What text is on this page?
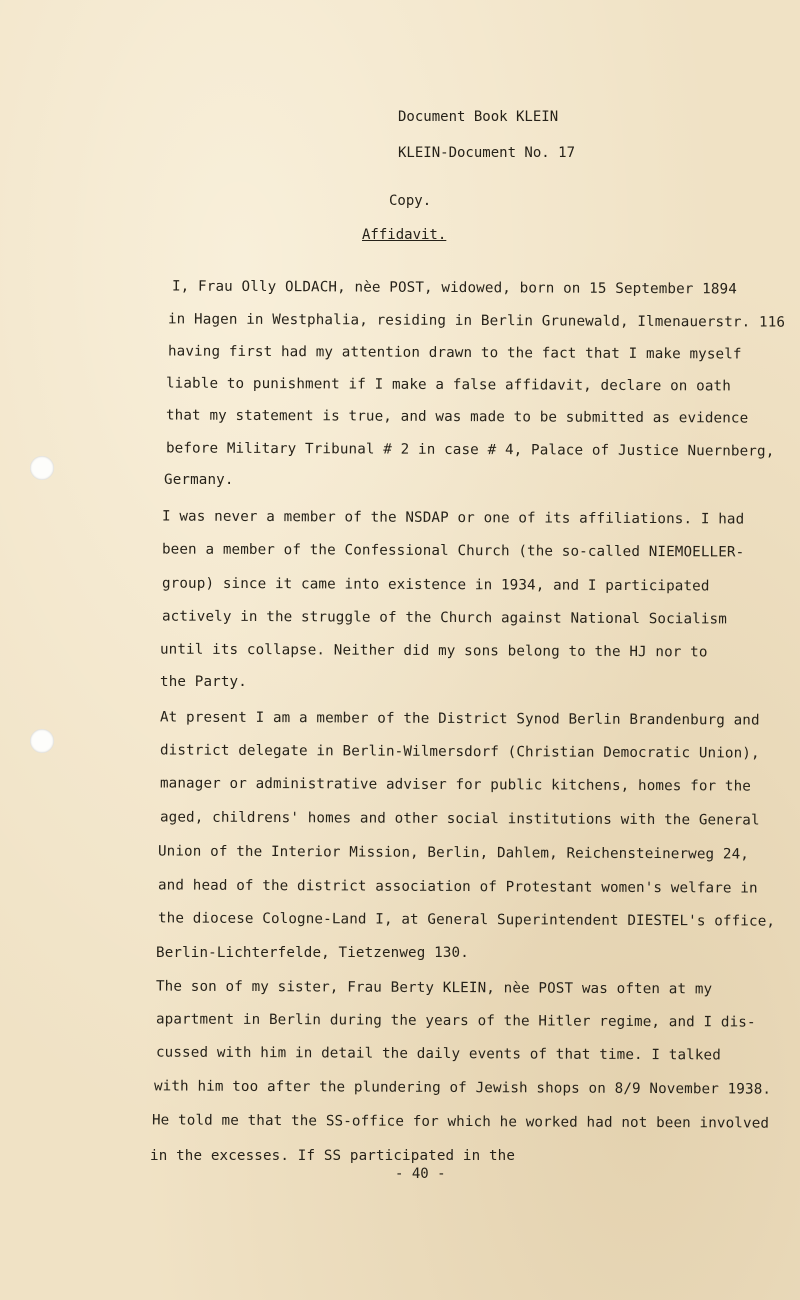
Document Book KLEIN
KLEIN-Document No. 17
Copy.
Affidavit.
I, Frau Olly OLDACH, nèe POST, widowed, born on 15 September 1894
in Hagen in Westphalia, residing in Berlin Grunewald, Ilmenauerstr. 116
having first had my attention drawn to the fact that I make myself
liable to punishment if I make a false affidavit, declare on oath
that my statement is true, and was made to be submitted as evidence
before Military Tribunal # 2 in case # 4, Palace of Justice Nuernberg,
Germany.
I was never a member of the NSDAP or one of its affiliations. I had
been a member of the Confessional Church (the so-called NIEMOELLER-
group) since it came into existence in 1934, and I participated
actively in the struggle of the Church against National Socialism
until its collapse. Neither did my sons belong to the HJ nor to
the Party.
At present I am a member of the District Synod Berlin Brandenburg and
district delegate in Berlin-Wilmersdorf (Christian Democratic Union),
manager or administrative adviser for public kitchens, homes for the
aged, childrens' homes and other social institutions with the General
Union of the Interior Mission, Berlin, Dahlem, Reichensteinerweg 24,
and head of the district association of Protestant women's welfare in
the diocese Cologne-Land I, at General Superintendent DIESTEL's office,
Berlin-Lichterfelde, Tietzenweg 130.
The son of my sister, Frau Berty KLEIN, nèe POST was often at my
apartment in Berlin during the years of the Hitler regime, and I dis-
cussed with him in detail the daily events of that time. I talked
with him too after the plundering of Jewish shops on 8/9 November 1938.
He told me that the SS-office for which he worked had not been involved
in the excesses. If SS participated in the
- 40 -
